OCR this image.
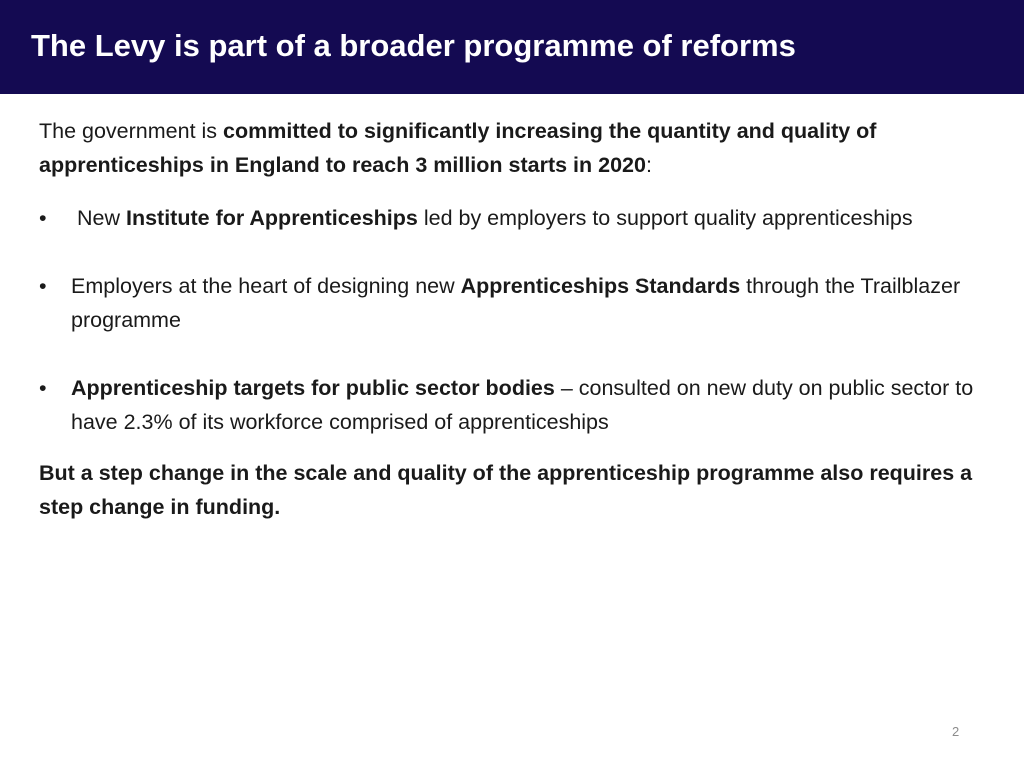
The Levy is part of a broader programme of reforms

The government is committed to significantly increasing the quantity and quality of apprenticeships in England to reach 3 million starts in 2020:

• New Institute for Apprenticeships led by employers to support quality apprenticeships
• Employers at the heart of designing new Apprenticeships Standards through the Trailblazer programme
• Apprenticeship targets for public sector bodies – consulted on new duty on public sector to have 2.3% of its workforce comprised of apprenticeships

But a step change in the scale and quality of the apprenticeship programme also requires a step change in funding.

2
